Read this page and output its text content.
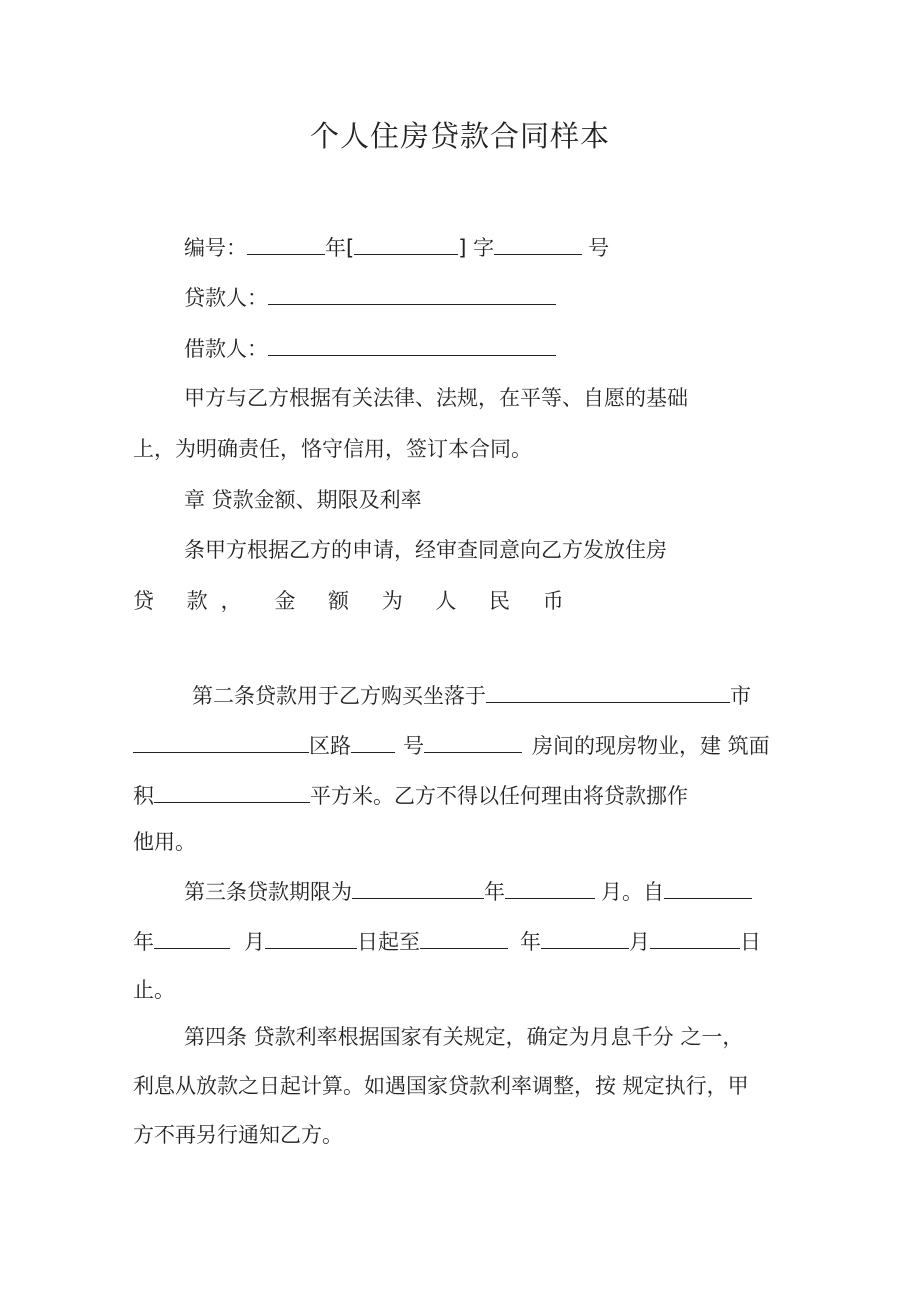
个人住房贷款合同样本
编号：	年[	] 字	号
贷款人：
借款人：
甲方与乙方根据有关法律、法规，在平等、自愿的基础
上，为明确责任，恪守信用，签订本合同。
章 贷款金额、期限及利率
条甲方根据乙方的申请，经审查同意向乙方发放住房
贷 款， 金 额 为 人 民 币
第二条贷款用于乙方购买坐落于	市
区路 号	房间的现房物业，建 筑面
积	平方米。乙方不得以任何理由将贷款挪作
他用。
第三条贷款期限为	年	月。自
年	月	日起至	年	月	日
止。
第四条 贷款利率根据国家有关规定，确定为月息千分 之一，
利息从放款之日起计算。如遇国家贷款利率调整，按 规定执行，甲
方不再另行通知乙方。
